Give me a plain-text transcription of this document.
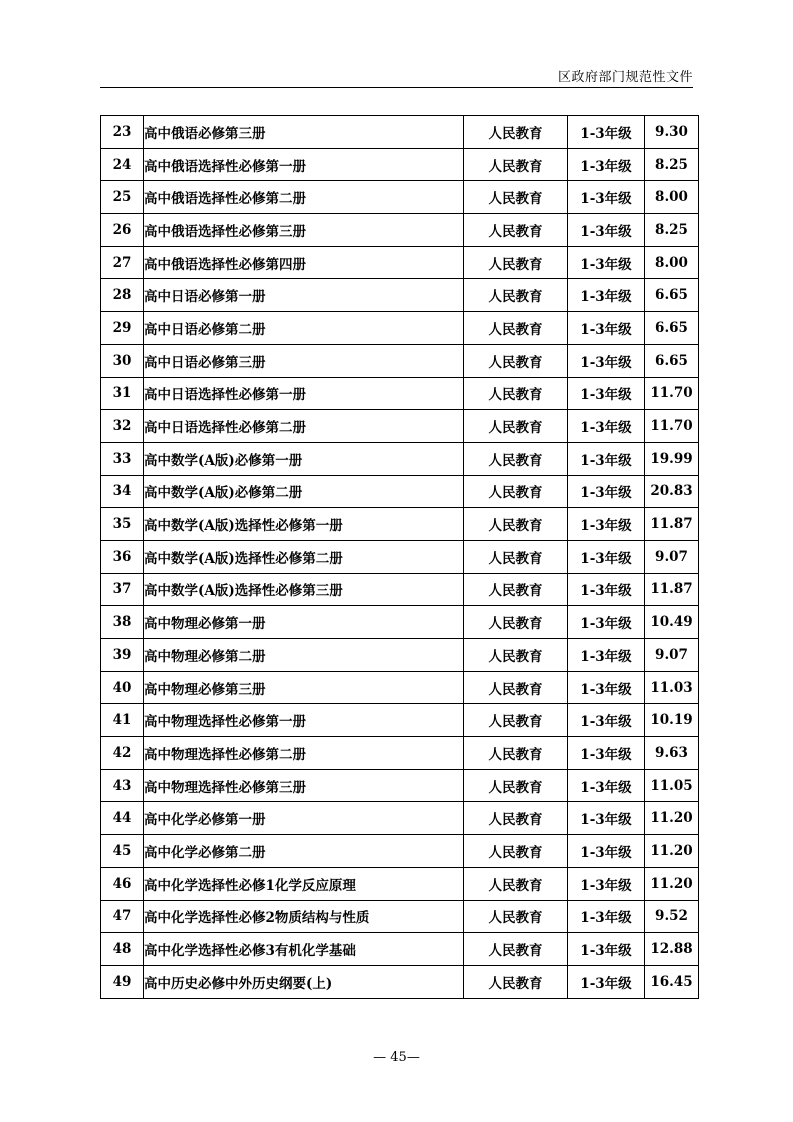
区政府部门规范性文件
23	高中俄语必修第三册	人民教育	1-3年级	9.30
24	高中俄语选择性必修第一册	人民教育	1-3年级	8.25
25	高中俄语选择性必修第二册	人民教育	1-3年级	8.00
26	高中俄语选择性必修第三册	人民教育	1-3年级	8.25
27	高中俄语选择性必修第四册	人民教育	1-3年级	8.00
28	高中日语必修第一册	人民教育	1-3年级	6.65
29	高中日语必修第二册	人民教育	1-3年级	6.65
30	高中日语必修第三册	人民教育	1-3年级	6.65
31	高中日语选择性必修第一册	人民教育	1-3年级	11.70
32	高中日语选择性必修第二册	人民教育	1-3年级	11.70
33	高中数学(A版)必修第一册	人民教育	1-3年级	19.99
34	高中数学(A版)必修第二册	人民教育	1-3年级	20.83
35	高中数学(A版)选择性必修第一册	人民教育	1-3年级	11.87
36	高中数学(A版)选择性必修第二册	人民教育	1-3年级	9.07
37	高中数学(A版)选择性必修第三册	人民教育	1-3年级	11.87
38	高中物理必修第一册	人民教育	1-3年级	10.49
39	高中物理必修第二册	人民教育	1-3年级	9.07
40	高中物理必修第三册	人民教育	1-3年级	11.03
41	高中物理选择性必修第一册	人民教育	1-3年级	10.19
42	高中物理选择性必修第二册	人民教育	1-3年级	9.63
43	高中物理选择性必修第三册	人民教育	1-3年级	11.05
44	高中化学必修第一册	人民教育	1-3年级	11.20
45	高中化学必修第二册	人民教育	1-3年级	11.20
46	高中化学选择性必修1化学反应原理	人民教育	1-3年级	11.20
47	高中化学选择性必修2物质结构与性质	人民教育	1-3年级	9.52
48	高中化学选择性必修3有机化学基础	人民教育	1-3年级	12.88
49	高中历史必修中外历史纲要(上)	人民教育	1-3年级	16.45
— 45—
